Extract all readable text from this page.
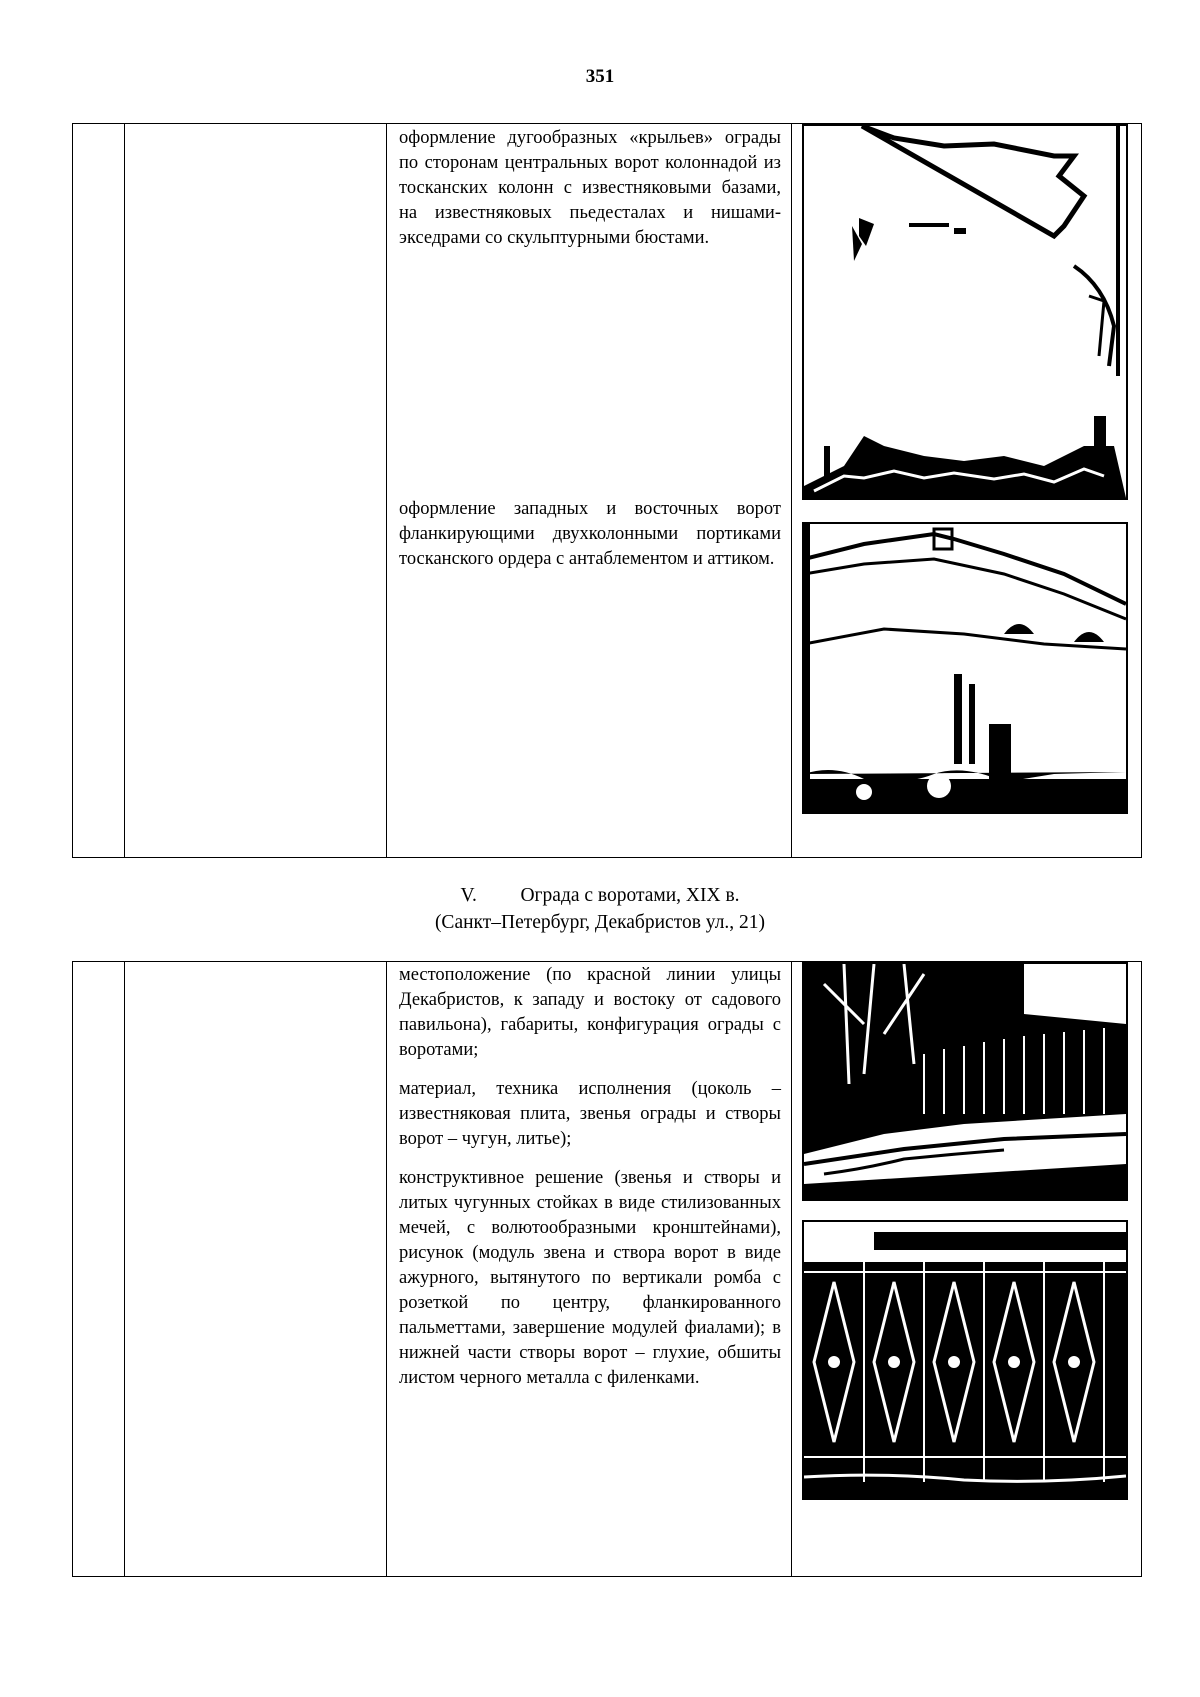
351

оформление дугообразных «крыльев» ограды по сторонам центральных ворот колоннадой из тосканских колонн с известняковыми базами, на известняковых пьедесталах и нишами-экседрами со скульптурными бюстами.
оформление западных и восточных ворот фланкирующими двухколонными портиками тосканского ордера с антаблементом и аттиком.

V. Ограда с воротами, XIX в.
(Санкт–Петербург, Декабристов ул., 21)

местоположение (по красной линии улицы Декабристов, к западу и востоку от садового павильона), габариты, конфигурация ограды с воротами;
материал, техника исполнения (цоколь – известняковая плита, звенья ограды и створы ворот – чугун, литье);
конструктивное решение (звенья и створы и литых чугунных стойках в виде стилизованных мечей, с волютообразными кронштейнами), рисунок (модуль звена и створа ворот в виде ажурного, вытянутого по вертикали ромба с розеткой по центру, фланкированного пальметтами, завершение модулей фиалами); в нижней части створы ворот – глухие, обшиты листом черного металла с филенками.
